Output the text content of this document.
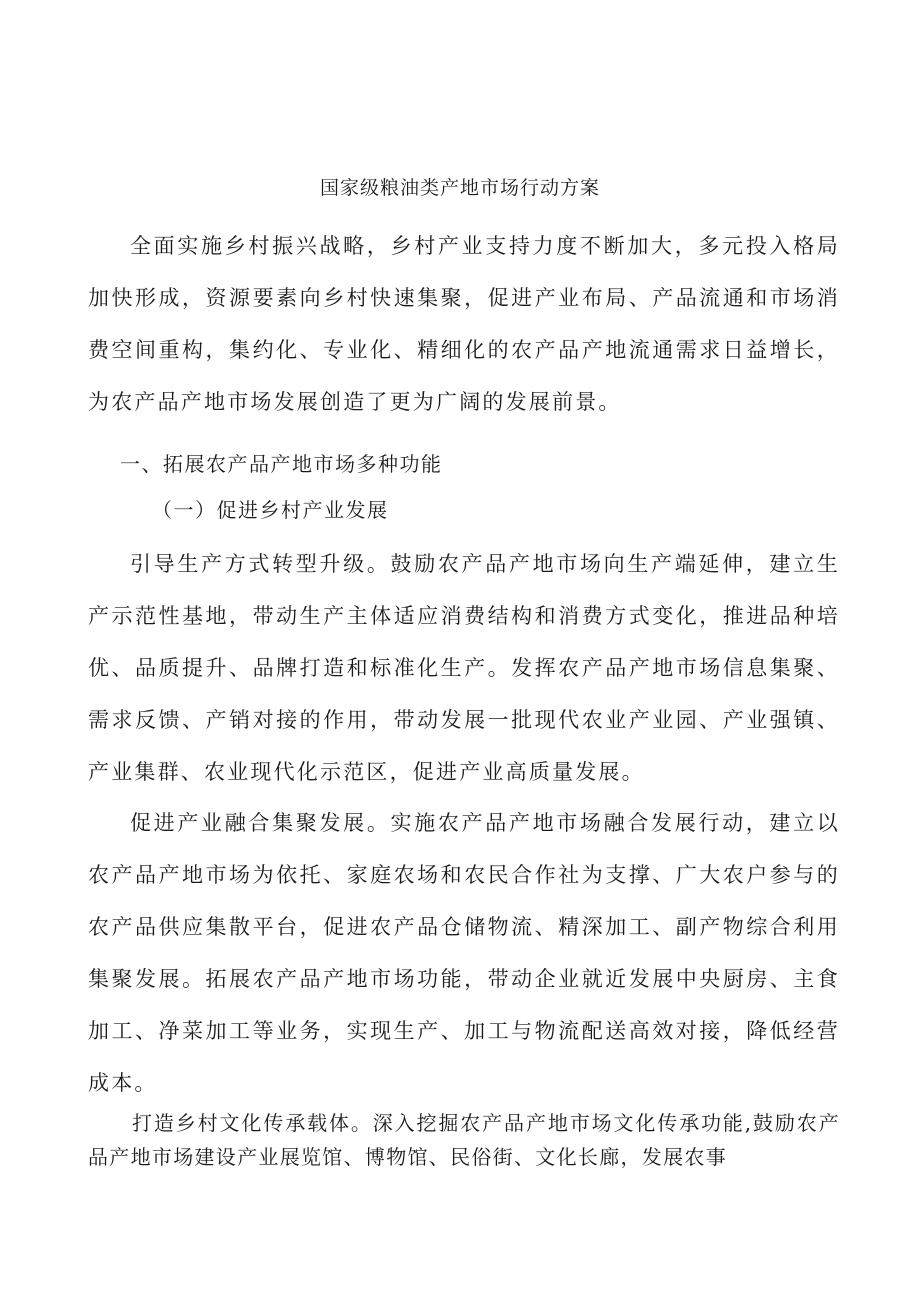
国家级粮油类产地市场行动方案

全面实施乡村振兴战略，乡村产业支持力度不断加大，多元投入格局加快形成，资源要素向乡村快速集聚，促进产业布局、产品流通和市场消费空间重构，集约化、专业化、精细化的农产品产地流通需求日益增长，为农产品产地市场发展创造了更为广阔的发展前景。

一、拓展农产品产地市场多种功能
（一）促进乡村产业发展

引导生产方式转型升级。鼓励农产品产地市场向生产端延伸，建立生产示范性基地，带动生产主体适应消费结构和消费方式变化，推进品种培优、品质提升、品牌打造和标准化生产。发挥农产品产地市场信息集聚、需求反馈、产销对接的作用，带动发展一批现代农业产业园、产业强镇、产业集群、农业现代化示范区，促进产业高质量发展。

促进产业融合集聚发展。实施农产品产地市场融合发展行动，建立以农产品产地市场为依托、家庭农场和农民合作社为支撑、广大农户参与的农产品供应集散平台，促进农产品仓储物流、精深加工、副产物综合利用集聚发展。拓展农产品产地市场功能，带动企业就近发展中央厨房、主食加工、净菜加工等业务，实现生产、加工与物流配送高效对接，降低经营成本。

打造乡村文化传承载体。深入挖掘农产品产地市场文化传承功能,鼓励农产品产地市场建设产业展览馆、博物馆、民俗街、文化长廊，发展农事
